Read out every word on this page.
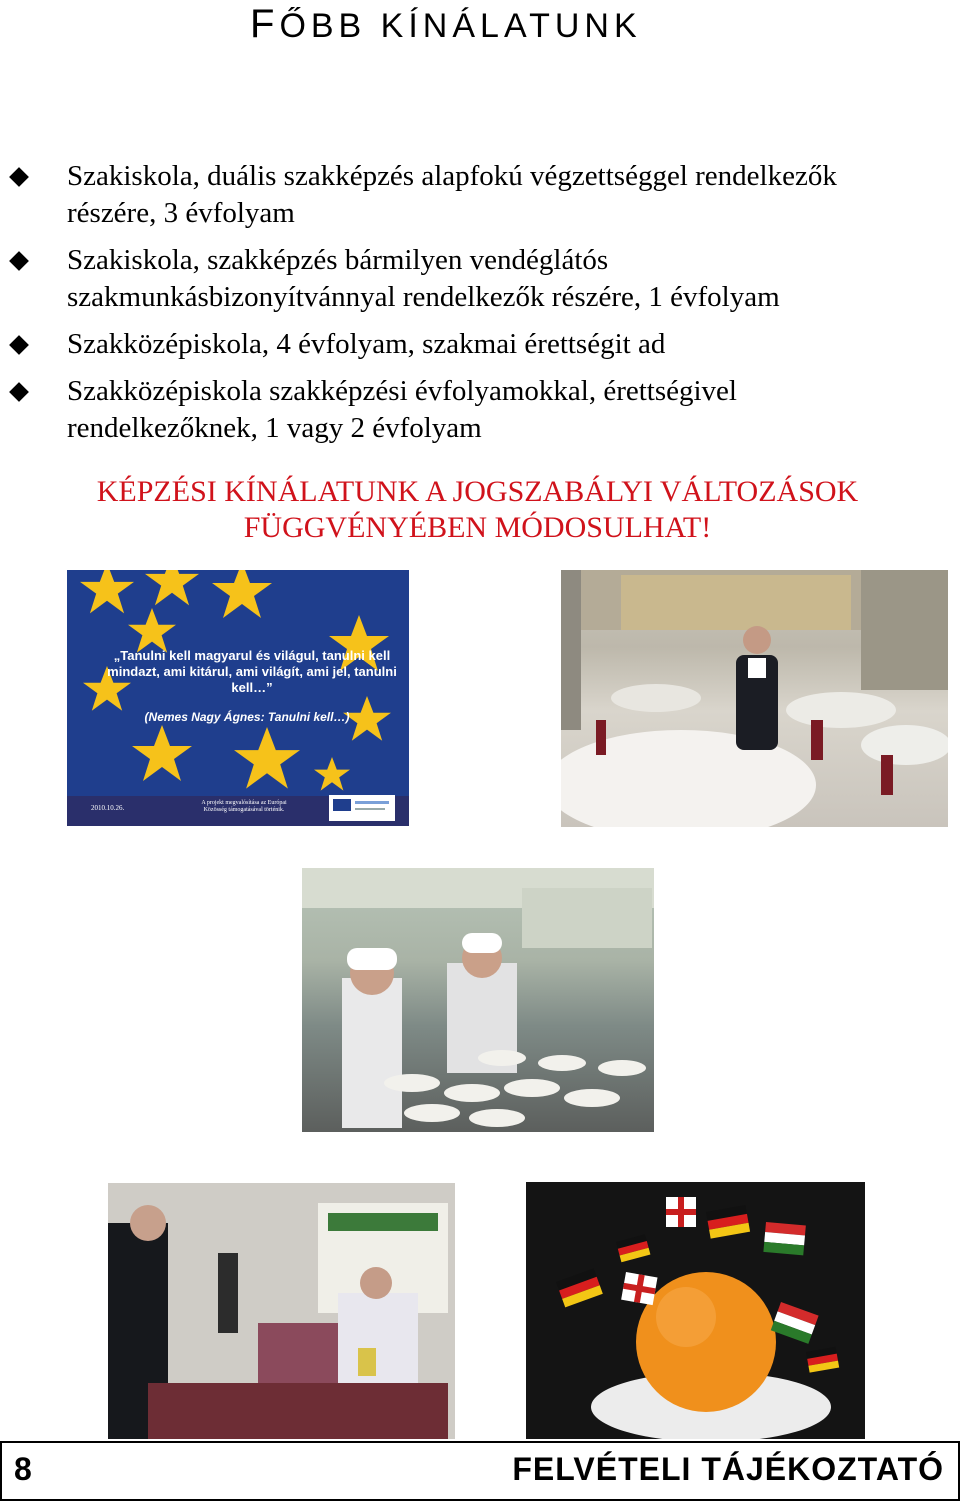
FŐBB KÍNÁLATUNK
Szakiskola, duális szakképzés alapfokú végzettséggel rendelkezők részére, 3 évfolyam
Szakiskola, szakképzés bármilyen vendéglátós szakmunkásbizonyítvánnyal rendelkezők részére, 1 évfolyam
Szakközépiskola, 4 évfolyam, szakmai érettségit ad
Szakközépiskola szakképzési évfolyamokkal, érettségivel rendelkezőknek, 1 vagy 2 évfolyam
KÉPZÉSI KÍNÁLATUNK A JOGSZABÁLYI VÁLTOZÁSOK FÜGGVÉNYÉBEN MÓDOSULHAT!
„Tanulni kell magyarul és világul, tanulni kell mindazt, ami kitárul, ami világít, ami jel, tanulni kell…”
(Nemes Nagy Ágnes: Tanulni kell…)
2010.10.26.
A projekt megvalósítása az Európai Közösség támogatásával történik.
8	FELVÉTELI TÁJÉKOZTATÓ
